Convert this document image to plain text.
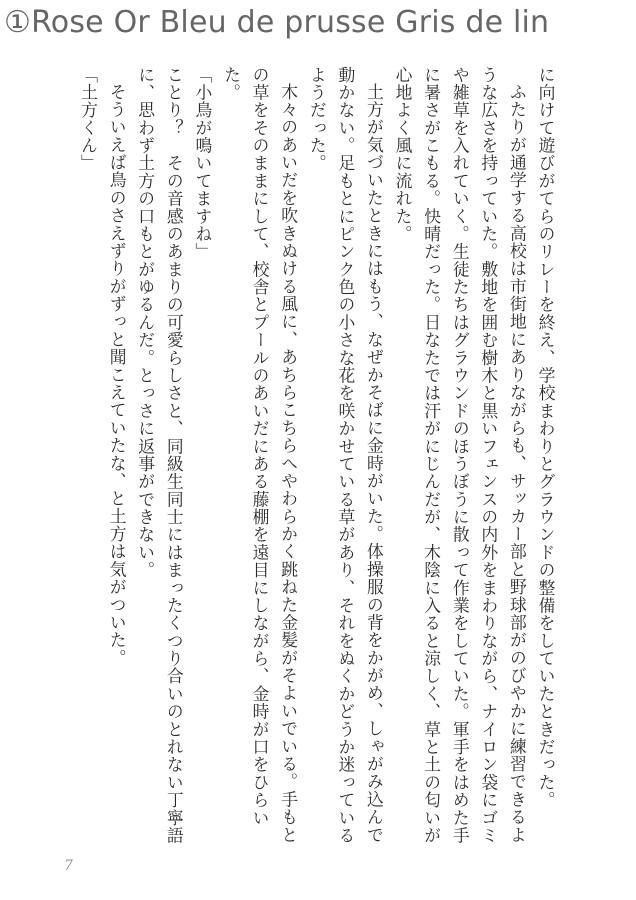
①Rose Or Bleu de prusse Gris de lin

に向けて遊びがてらのリレーを終え、学校まわりとグラウンドの整備をしていたときだった。

ふたりが通学する高校は市街地にありながらも、サッカー部と野球部がのびやかに練習できるような広さを持っていた。敷地を囲む樹木と黒いフェンスの内外をまわりながら、ナイロン袋にゴミや雑草を入れていく。生徒たちはグラウンドのほうぼうに散って作業をしていた。軍手をはめた手に暑さがこもる。快晴だった。日なたでは汗がにじんだが、木陰に入ると涼しく、草と土の匂いが心地よく風に流れた。

土方が気づいたときにはもう、なぜかそばに金時がいた。体操服の背をかがめ、しゃがみ込んで動かない。足もとにピンク色の小さな花を咲かせている草があり、それをぬくかどうか迷っているようだった。

木々のあいだを吹きぬける風に、あちらこちらへやわらかく跳ねた金髪がそよいでいる。手もとの草をそのままにして、校舎とプールのあいだにある藤棚を遠目にしながら、金時が口をひらいた。

「小鳥が鳴いてますね」

ことり？　その音感のあまりの可愛らしさと、同級生同士にはまったくつり合いのとれない丁寧語に、思わず土方の口もとがゆるんだ。とっさに返事ができない。

そういえば鳥のさえずりがずっと聞こえていたな、と土方は気がついた。

「土方くん」

7
